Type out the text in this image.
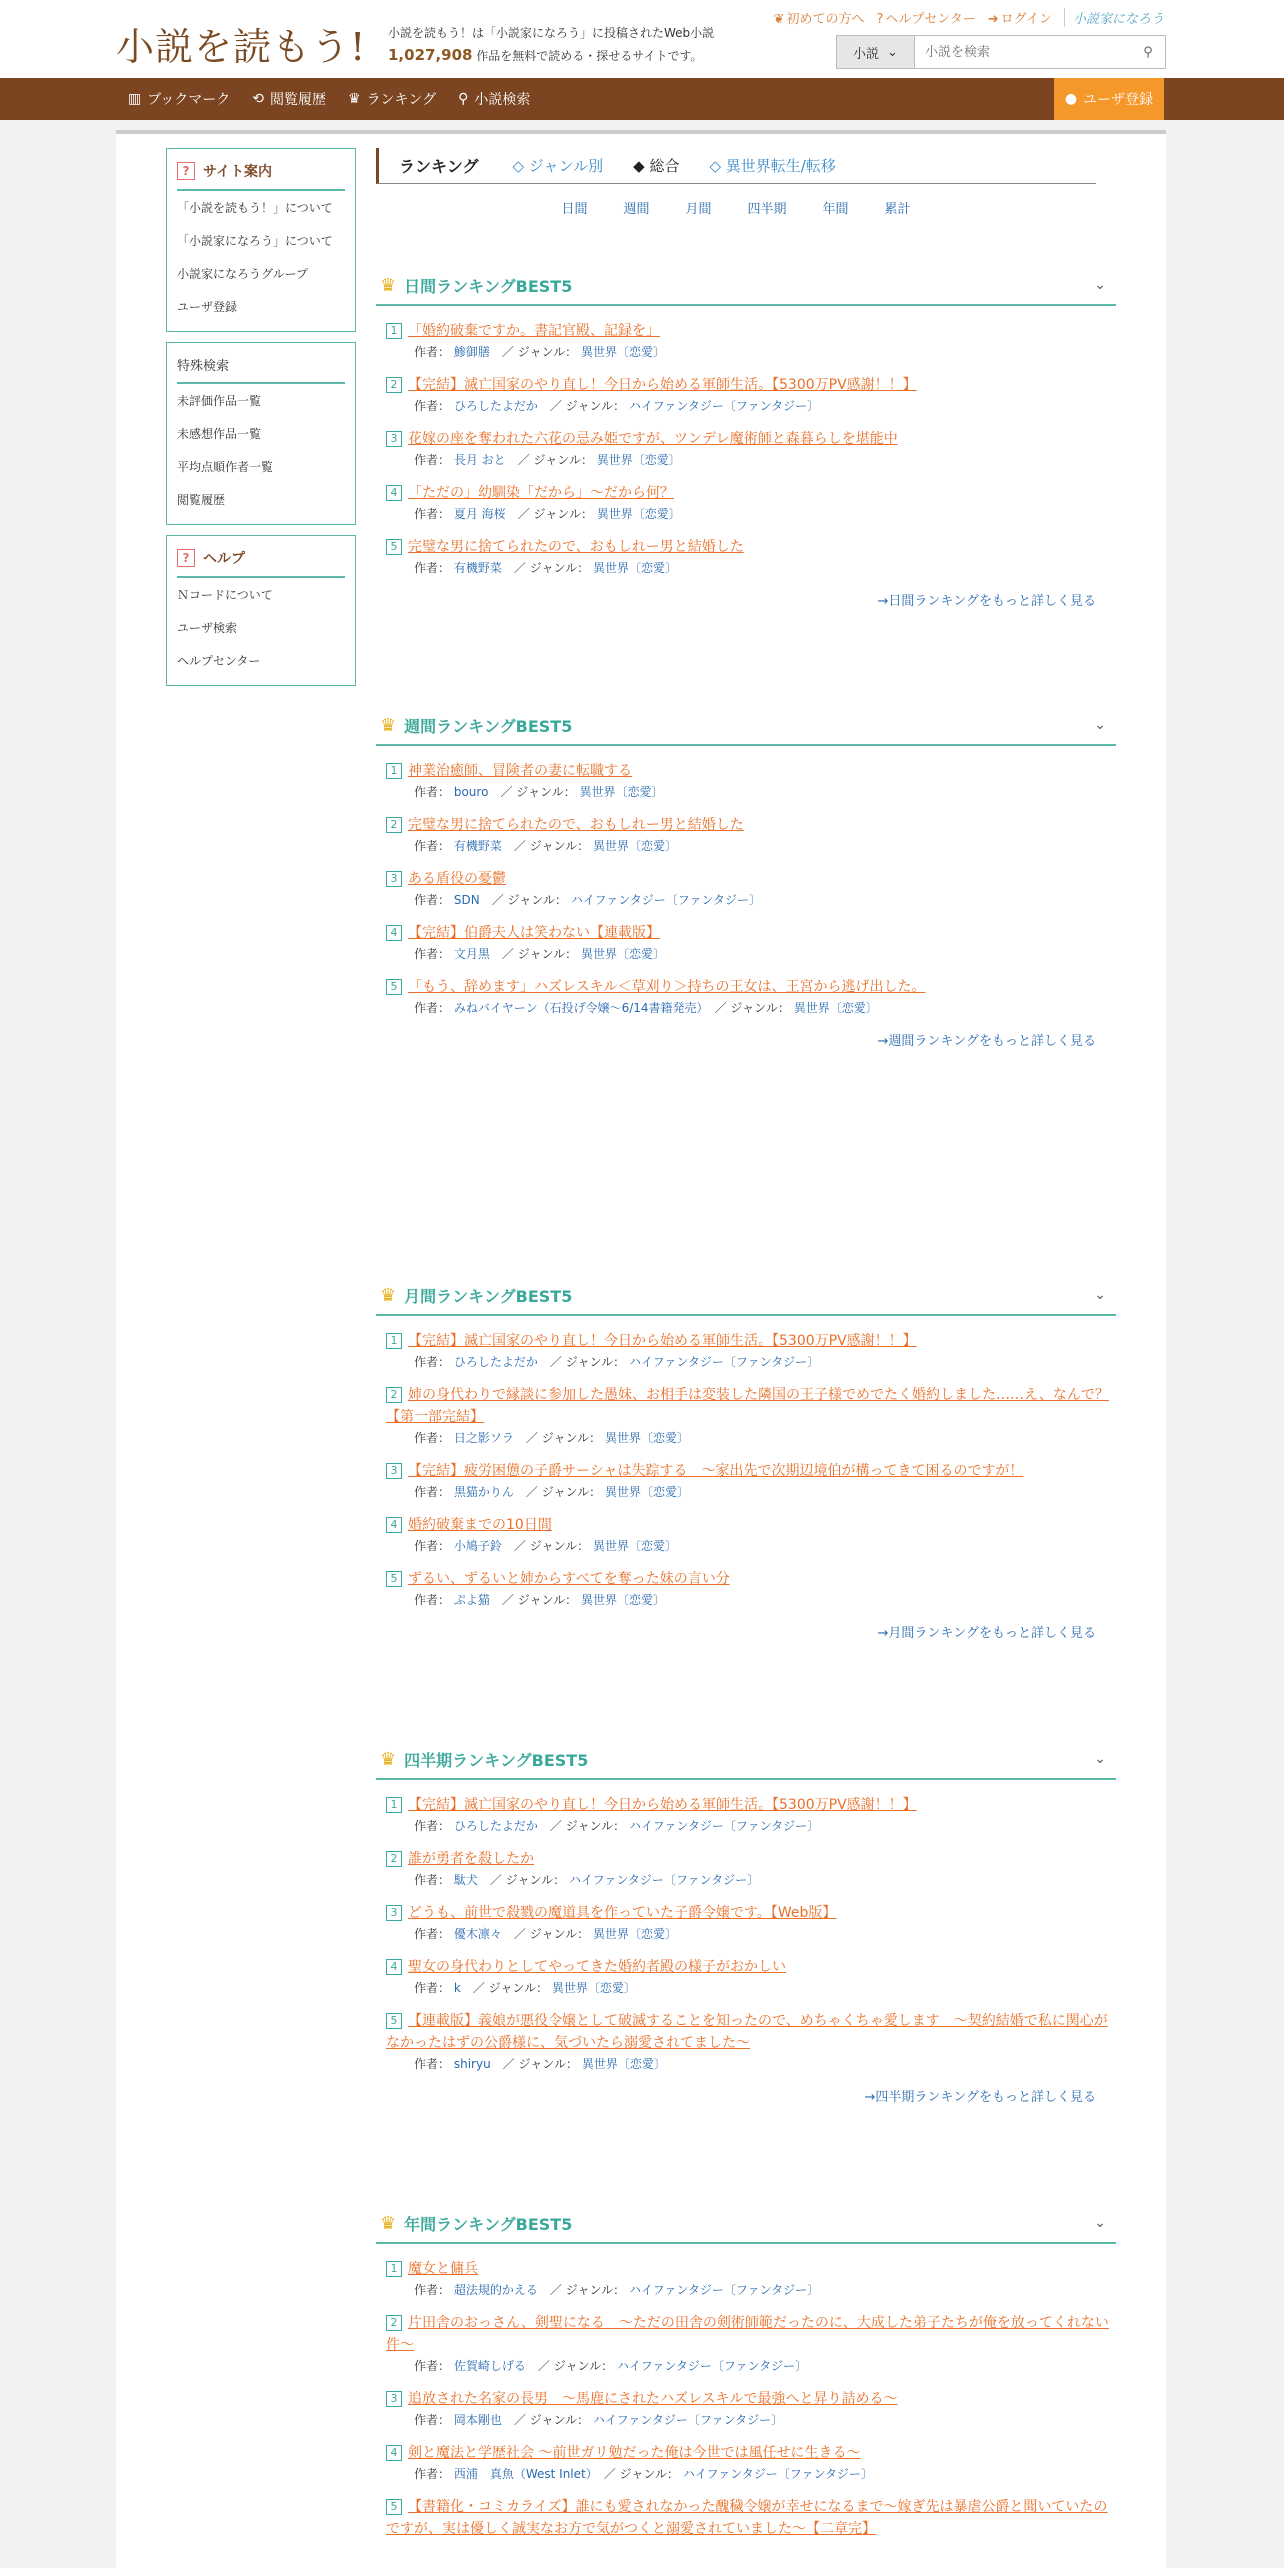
小説を読もう! 小説を読もう！は「小説家になろう」に投稿されたWeb小説
1,027,908 作品を無料で読める・探せるサイトです。
❦ 初めての方へ ? ヘルプセンター ➜ ログイン	小説家になろう
小説 ⌄
小説を検索	⚲
▥ ブックマーク ⟲ 閲覧履歴 ♛ ランキング ⚲ 小説検索	● ユーザ登録
? サイト案内
「小説を読もう！」について
「小説家になろう」について
小説家になろうグループ
ユーザ登録
特殊検索
未評価作品一覧
未感想作品一覧
平均点順作者一覧
閲覧履歴
? ヘルプ
Ｎコードについて
ユーザ検索
ヘルプセンター
ランキング ◇ ジャンル別 ◆ 総合 ◇ 異世界転生/転移
日間	週間	月間	四半期	年間	累計
♛ 日間ランキングBEST5	⌄
1 「婚約破棄ですか。書記官殿、記録を」
作者： 鯵御膳　 ／ ジャンル： 異世界〔恋愛〕
2 【完結】滅亡国家のやり直し！今日から始める軍師生活。【5300万PV感謝！！】
作者： ひろしたよだか　 ／ ジャンル： ハイファンタジー〔ファンタジー〕
3 花嫁の座を奪われた六花の忌み姫ですが、ツンデレ魔術師と森暮らしを堪能中
作者： 長月 おと　 ／ ジャンル： 異世界〔恋愛〕
4 「ただの」幼馴染「だから」〜だから何？
作者： 夏月 海桜　 ／ ジャンル： 異世界〔恋愛〕
5 完璧な男に捨てられたので、おもしれー男と結婚した
作者： 有機野菜　 ／ ジャンル： 異世界〔恋愛〕
→日間ランキングをもっと詳しく見る
♛ 週間ランキングBEST5	⌄
1 神業治癒師、冒険者の妻に転職する
作者： bouro　 ／ ジャンル： 異世界〔恋愛〕
2 完璧な男に捨てられたので、おもしれー男と結婚した
作者： 有機野菜　 ／ ジャンル： 異世界〔恋愛〕
3 ある盾役の憂鬱
作者： SDN　 ／ ジャンル： ハイファンタジー〔ファンタジー〕
4 【完結】伯爵夫人は笑わない【連載版】
作者： 文月黒　 ／ ジャンル： 異世界〔恋愛〕
5 「もう、辞めます」ハズレスキル＜草刈り＞持ちの王女は、王宮から逃げ出した。
作者： みねバイヤーン（石投げ令嬢〜6/14書籍発売）　 ／ ジャンル： 異世界〔恋愛〕
→週間ランキングをもっと詳しく見る
♛ 月間ランキングBEST5	⌄
1 【完結】滅亡国家のやり直し！今日から始める軍師生活。【5300万PV感謝！！】
作者： ひろしたよだか　 ／ ジャンル： ハイファンタジー〔ファンタジー〕
2 姉の身代わりで縁談に参加した愚妹、お相手は変装した隣国の王子様でめでたく婚約しました……え、なんで？【第一部完結】
作者： 日之影ソラ　 ／ ジャンル： 異世界〔恋愛〕
3 【完結】疲労困憊の子爵サーシャは失踪する　〜家出先で次期辺境伯が構ってきて困るのですが！
作者： 黒猫かりん　 ／ ジャンル： 異世界〔恋愛〕
4 婚約破棄までの10日間
作者： 小鳩子鈴　 ／ ジャンル： 異世界〔恋愛〕
5 ずるい、ずるいと姉からすべてを奪った妹の言い分
作者： ぷよ猫　 ／ ジャンル： 異世界〔恋愛〕
→月間ランキングをもっと詳しく見る
♛ 四半期ランキングBEST5	⌄
1 【完結】滅亡国家のやり直し！今日から始める軍師生活。【5300万PV感謝！！】
作者： ひろしたよだか　 ／ ジャンル： ハイファンタジー〔ファンタジー〕
2 誰が勇者を殺したか
作者： 駄犬　 ／ ジャンル： ハイファンタジー〔ファンタジー〕
3 どうも、前世で殺戮の魔道具を作っていた子爵令嬢です。【Web版】
作者： 優木凛々　 ／ ジャンル： 異世界〔恋愛〕
4 聖女の身代わりとしてやってきた婚約者殿の様子がおかしい
作者： k　 ／ ジャンル： 異世界〔恋愛〕
5 【連載版】義娘が悪役令嬢として破滅することを知ったので、めちゃくちゃ愛します　〜契約結婚で私に関心がなかったはずの公爵様に、気づいたら溺愛されてました〜
作者： shiryu　 ／ ジャンル： 異世界〔恋愛〕
→四半期ランキングをもっと詳しく見る
♛ 年間ランキングBEST5	⌄
1 魔女と傭兵
作者： 超法規的かえる　 ／ ジャンル： ハイファンタジー〔ファンタジー〕
2 片田舎のおっさん、剣聖になる　〜ただの田舎の剣術師範だったのに、大成した弟子たちが俺を放ってくれない件〜
作者： 佐賀崎しげる　 ／ ジャンル： ハイファンタジー〔ファンタジー〕
3 追放された名家の長男　〜馬鹿にされたハズレスキルで最強へと昇り詰める〜
作者： 岡本剛也　 ／ ジャンル： ハイファンタジー〔ファンタジー〕
4 剣と魔法と学歴社会 〜前世ガリ勉だった俺は今世では風任せに生きる〜
作者： 西浦　真魚（West Inlet）　 ／ ジャンル： ハイファンタジー〔ファンタジー〕
5 【書籍化・コミカライズ】誰にも愛されなかった醜穢令嬢が幸せになるまで〜嫁ぎ先は暴虐公爵と聞いていたのですが、実は優しく誠実なお方で気がつくと溺愛されていました〜【二章完】
